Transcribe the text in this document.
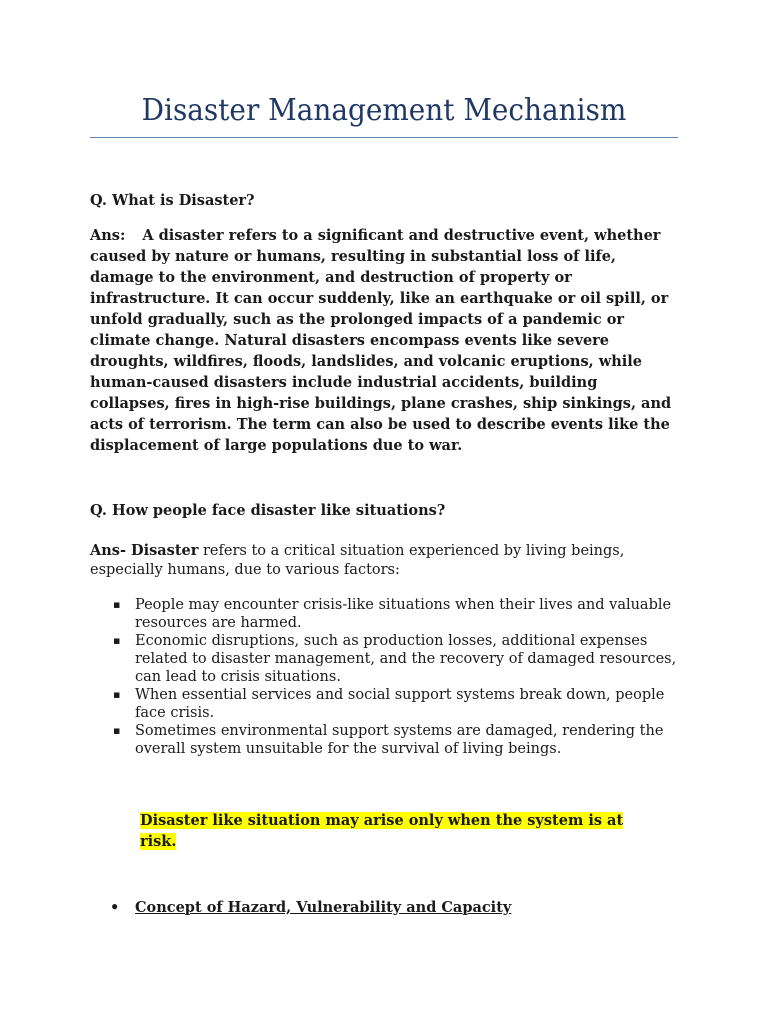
Disaster Management Mechanism

Q. What is Disaster?

Ans: A disaster refers to a significant and destructive event, whether caused by nature or humans, resulting in substantial loss of life, damage to the environment, and destruction of property or infrastructure. It can occur suddenly, like an earthquake or oil spill, or unfold gradually, such as the prolonged impacts of a pandemic or climate change. Natural disasters encompass events like severe droughts, wildfires, floods, landslides, and volcanic eruptions, while human-caused disasters include industrial accidents, building collapses, fires in high-rise buildings, plane crashes, ship sinkings, and acts of terrorism. The term can also be used to describe events like the displacement of large populations due to war.

Q. How people face disaster like situations?

Ans- Disaster refers to a critical situation experienced by living beings, especially humans, due to various factors:

▪ People may encounter crisis-like situations when their lives and valuable resources are harmed.
▪ Economic disruptions, such as production losses, additional expenses related to disaster management, and the recovery of damaged resources, can lead to crisis situations.
▪ When essential services and social support systems break down, people face crisis.
▪ Sometimes environmental support systems are damaged, rendering the overall system unsuitable for the survival of living beings.

Disaster like situation may arise only when the system is at risk.

• Concept of Hazard, Vulnerability and Capacity
